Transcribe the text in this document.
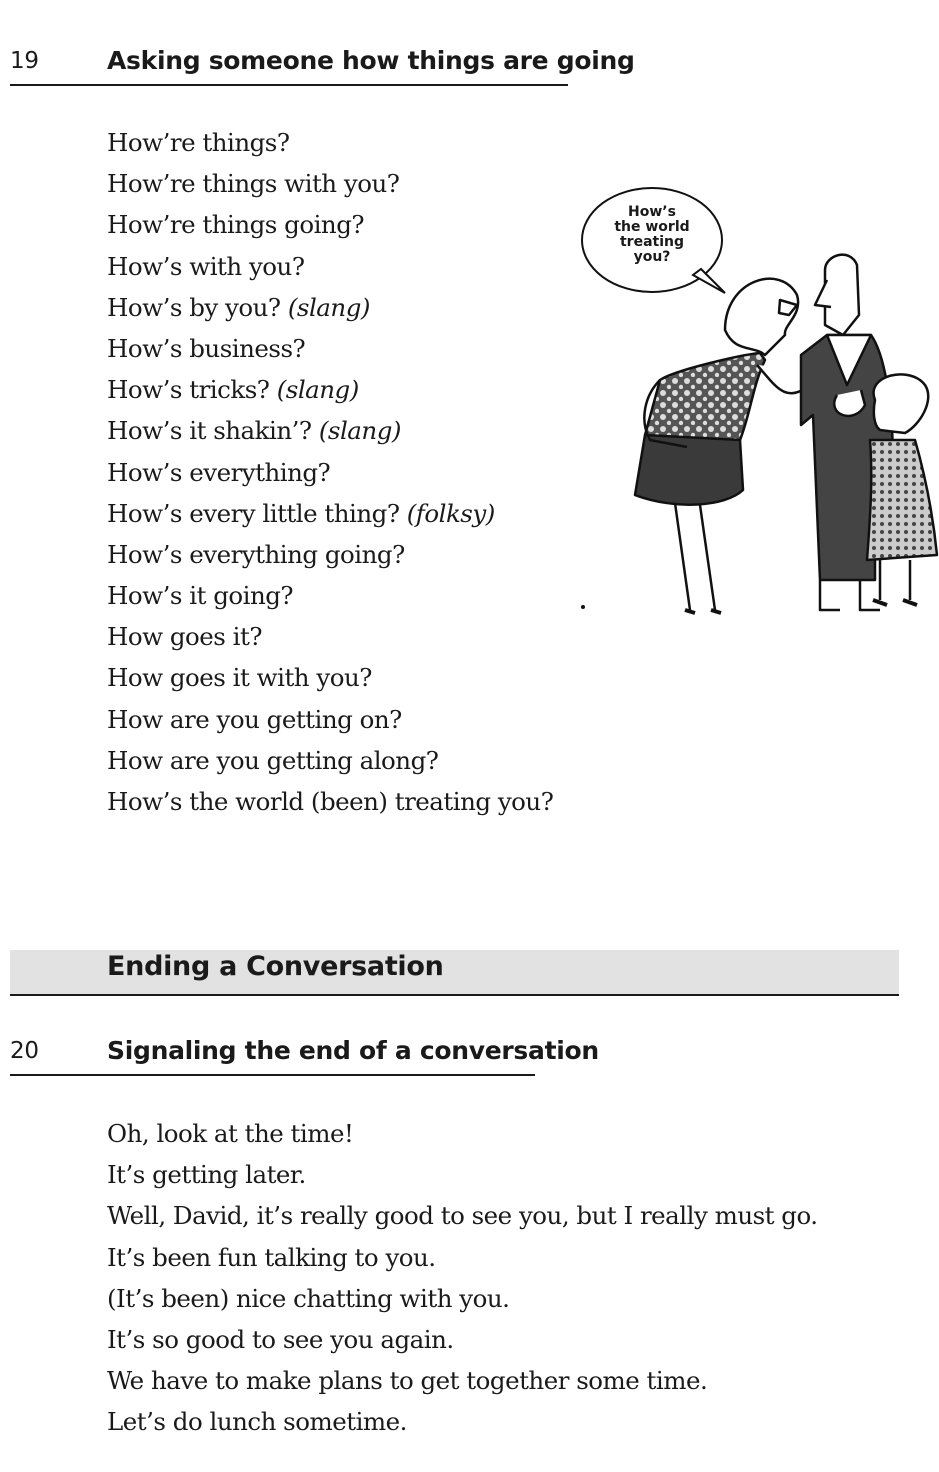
19	Asking someone how things are going
How’re things?
How’re things with you?
How’re things going?
How’s with you?
How’s by you? (slang)
How’s business?
How’s tricks? (slang)
How’s it shakin’? (slang)
How’s everything?
How’s every little thing? (folksy)
How’s everything going?
How’s it going?
How goes it?
How goes it with you?
How are you getting on?
How are you getting along?
How’s the world (been) treating you?
How’s
the world
treating
you?
Ending a Conversation
20	Signaling the end of a conversation
Oh, look at the time!
It’s getting later.
Well, David, it’s really good to see you, but I really must go.
It’s been fun talking to you.
(It’s been) nice chatting with you.
It’s so good to see you again.
We have to make plans to get together some time.
Let’s do lunch sometime.
